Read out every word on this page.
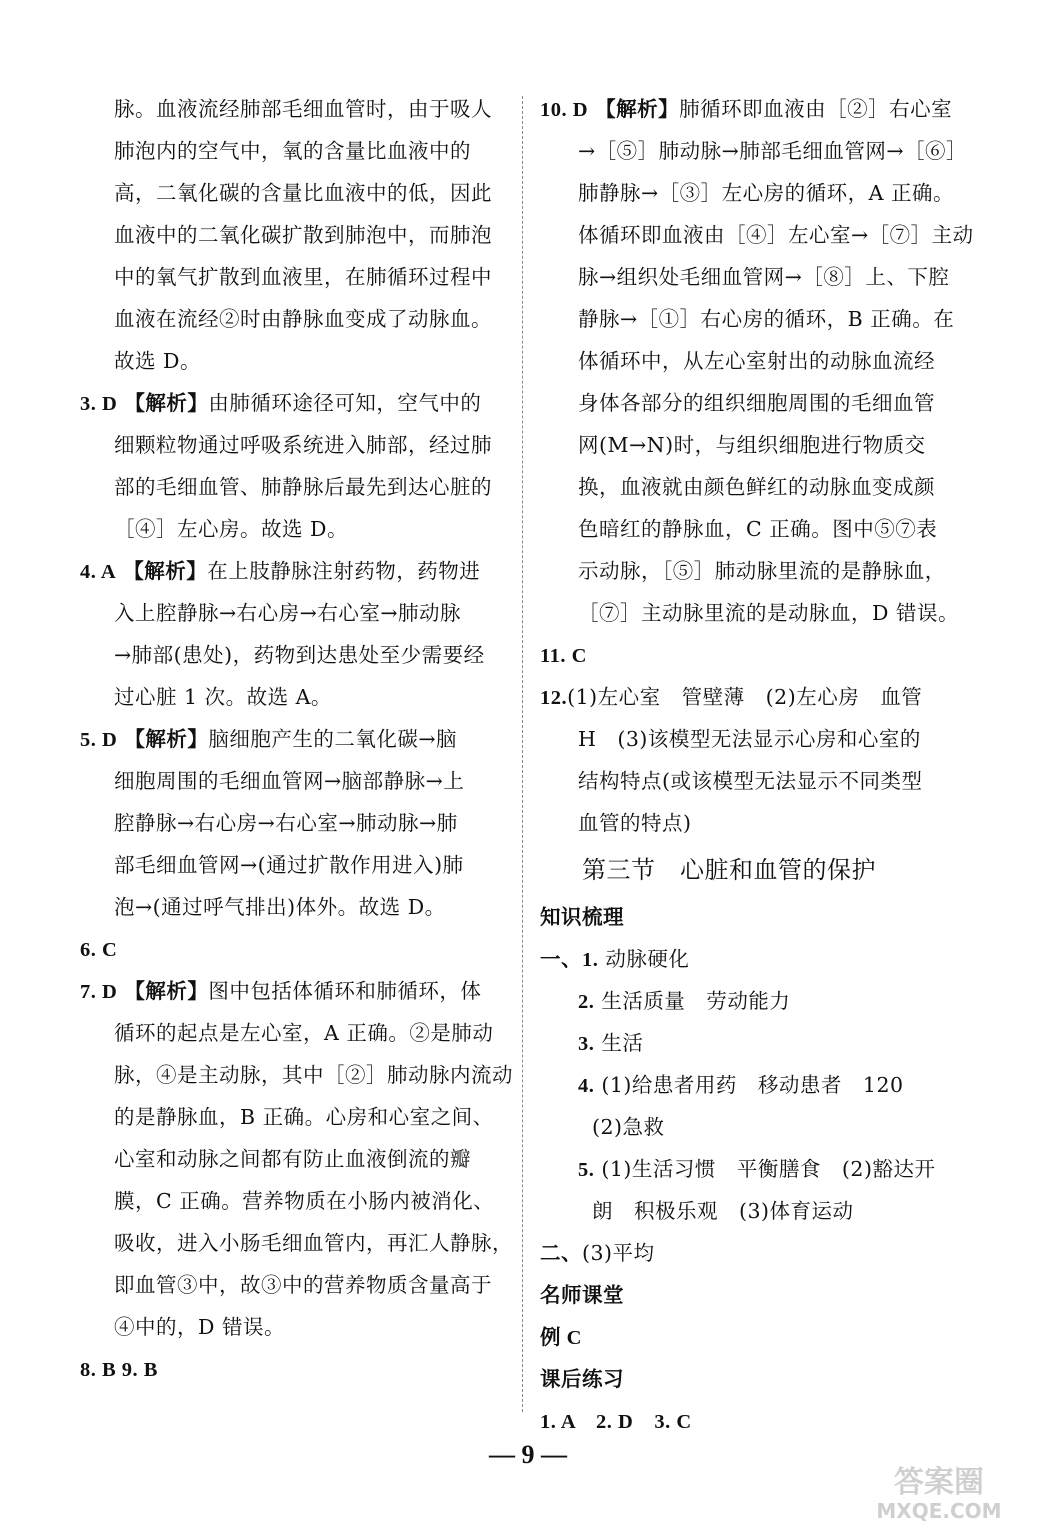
脉。血液流经肺部毛细血管时，由于吸人

肺泡内的空气中，氧的含量比血液中的

高，二氧化碳的含量比血液中的低，因此

血液中的二氧化碳扩散到肺泡中，而肺泡

中的氧气扩散到血液里，在肺循环过程中

血液在流经②时由静脉血变成了动脉血。

故选 D。

3. D 【解析】由肺循环途径可知，空气中的

细颗粒物通过呼吸系统进入肺部，经过肺

部的毛细血管、肺静脉后最先到达心脏的

［④］左心房。故选 D。

4. A 【解析】在上肢静脉注射药物，药物进

入上腔静脉→右心房→右心室→肺动脉

→肺部(患处)，药物到达患处至少需要经

过心脏 1 次。故选 A。

5. D 【解析】脑细胞产生的二氧化碳→脑

细胞周围的毛细血管网→脑部静脉→上

腔静脉→右心房→右心室→肺动脉→肺

部毛细血管网→(通过扩散作用进入)肺

泡→(通过呼气排出)体外。故选 D。

6. C

7. D 【解析】图中包括体循环和肺循环，体

循环的起点是左心室，A 正确。②是肺动

脉，④是主动脉，其中［②］肺动脉内流动

的是静脉血，B 正确。心房和心室之间、

心室和动脉之间都有防止血液倒流的瓣

膜，C 正确。营养物质在小肠内被消化、

吸收，进入小肠毛细血管内，再汇人静脉，

即血管③中，故③中的营养物质含量高于

④中的，D 错误。

8. B 9. B

10. D 【解析】肺循环即血液由［②］右心室

→［⑤］肺动脉→肺部毛细血管网→［⑥］

肺静脉→［③］左心房的循环，A 正确。

体循环即血液由［④］左心室→［⑦］主动

脉→组织处毛细血管网→［⑧］上、下腔

静脉→［①］右心房的循环，B 正确。在

体循环中，从左心室射出的动脉血流经

身体各部分的组织细胞周围的毛细血管

网(M→N)时，与组织细胞进行物质交

换，血液就由颜色鲜红的动脉血变成颜

色暗红的静脉血，C 正确。图中⑤⑦表

示动脉，［⑤］肺动脉里流的是静脉血，

［⑦］主动脉里流的是动脉血，D 错误。

11. C

12.(1)左心室　管壁薄　(2)左心房　血管

H　(3)该模型无法显示心房和心室的

结构特点(或该模型无法显示不同类型

血管的特点)

第三节　心脏和血管的保护

知识梳理

一、1. 动脉硬化

2. 生活质量　劳动能力

3. 生活

4. (1)给患者用药　移动患者　120

(2)急救

5. (1)生活习惯　平衡膳食　(2)豁达开

朗　积极乐观　(3)体育运动

二、(3)平均

名师课堂

例 C

课后练习

1. A　2. D　3. C

— 9 —
答案圈
MXQE.COM
